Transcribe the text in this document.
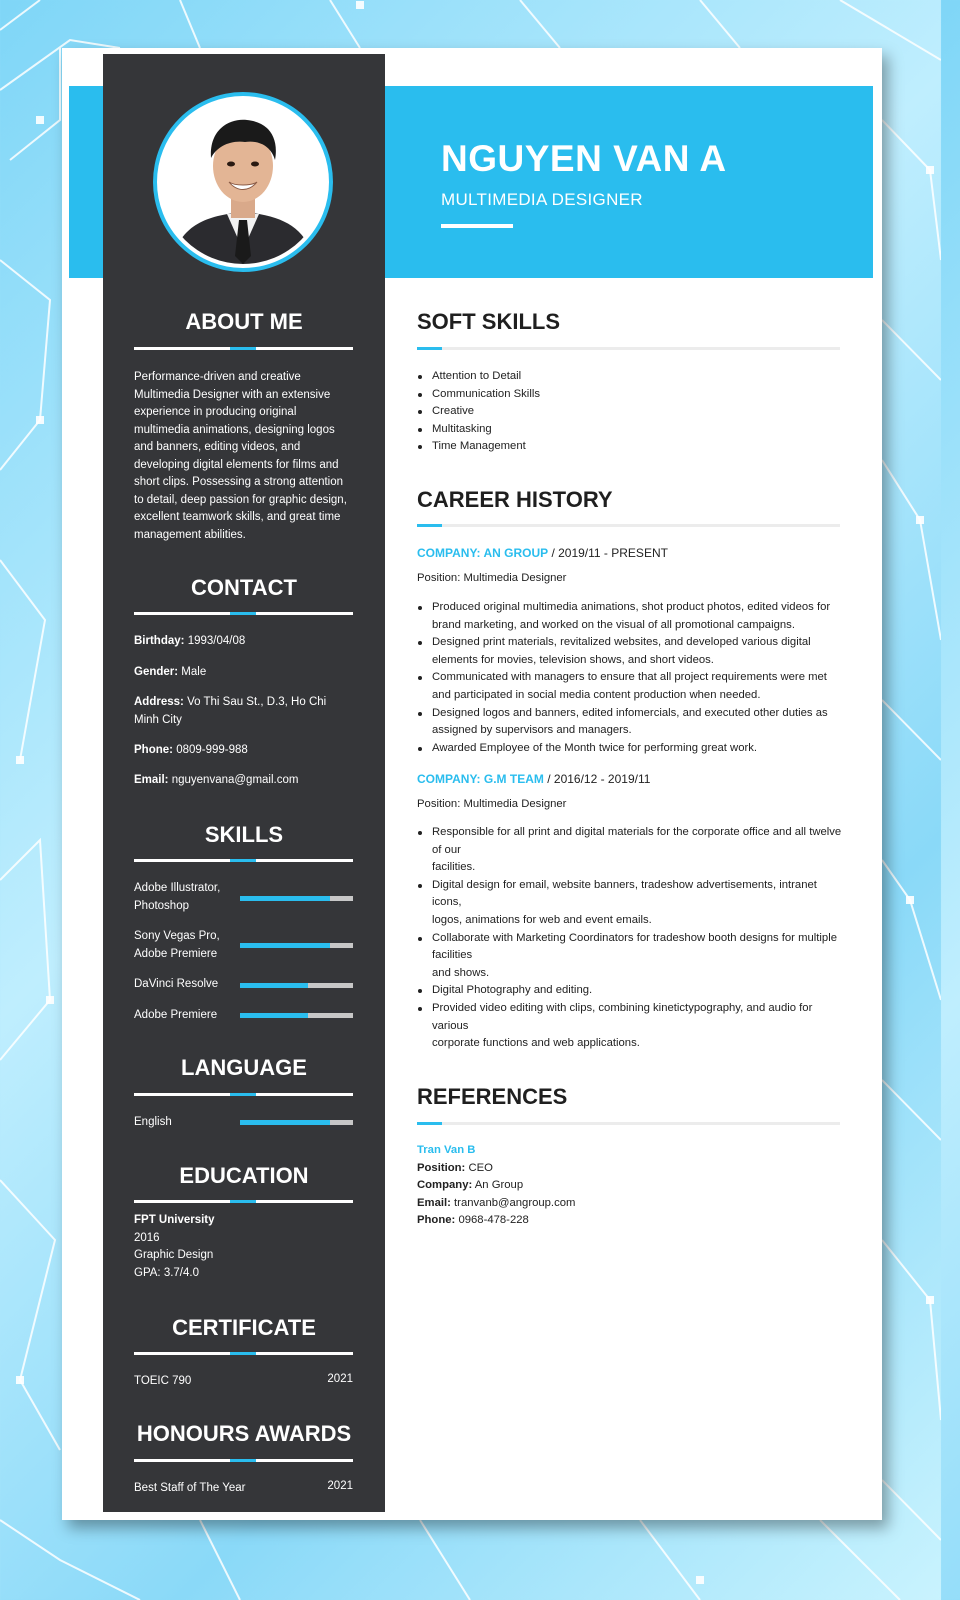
NGUYEN VAN A
MULTIMEDIA DESIGNER
ABOUT ME
Performance-driven and creative Multimedia Designer with an extensive experience in producing original multimedia animations, designing logos and banners, editing videos, and developing digital elements for films and short clips. Possessing a strong attention to detail, deep passion for graphic design, excellent teamwork skills, and great time management abilities.
CONTACT
Birthday: 1993/04/08
Gender: Male
Address: Vo Thi Sau St., D.3, Ho Chi Minh City
Phone: 0809-999-988
Email: nguyenvana@gmail.com
SKILLS
Adobe Illustrator,
Photoshop
Sony Vegas Pro,
Adobe Premiere
DaVinci Resolve
Adobe Premiere
LANGUAGE
English
EDUCATION
FPT University
2016
Graphic Design
GPA: 3.7/4.0
CERTIFICATE
TOEIC 790	2021
HONOURS AWARDS
Best Staff of The Year	2021
SOFT SKILLS
Attention to Detail
Communication Skills
Creative
Multitasking
Time Management
CAREER HISTORY
COMPANY: AN GROUP / 2019/11 - PRESENT
Position: Multimedia Designer
Produced original multimedia animations, shot product photos, edited videos for brand marketing, and worked on the visual of all promotional campaigns.
Designed print materials, revitalized websites, and developed various digital elements for movies, television shows, and short videos.
Communicated with managers to ensure that all project requirements were met and participated in social media content production when needed.
Designed logos and banners, edited infomercials, and executed other duties as assigned by supervisors and managers.
Awarded Employee of the Month twice for performing great work.
COMPANY: G.M TEAM / 2016/12 - 2019/11
Position: Multimedia Designer
Responsible for all print and digital materials for the corporate office and all twelve of our
facilities.
Digital design for email, website banners, tradeshow advertisements, intranet icons,
logos, animations for web and event emails.
Collaborate with Marketing Coordinators for tradeshow booth designs for multiple facilities
and shows.
Digital Photography and editing.
Provided video editing with clips, combining kinetictypography, and audio for various
corporate functions and web applications.
REFERENCES
Tran Van B
Position: CEO
Company: An Group
Email: tranvanb@angroup.com
Phone: 0968-478-228
